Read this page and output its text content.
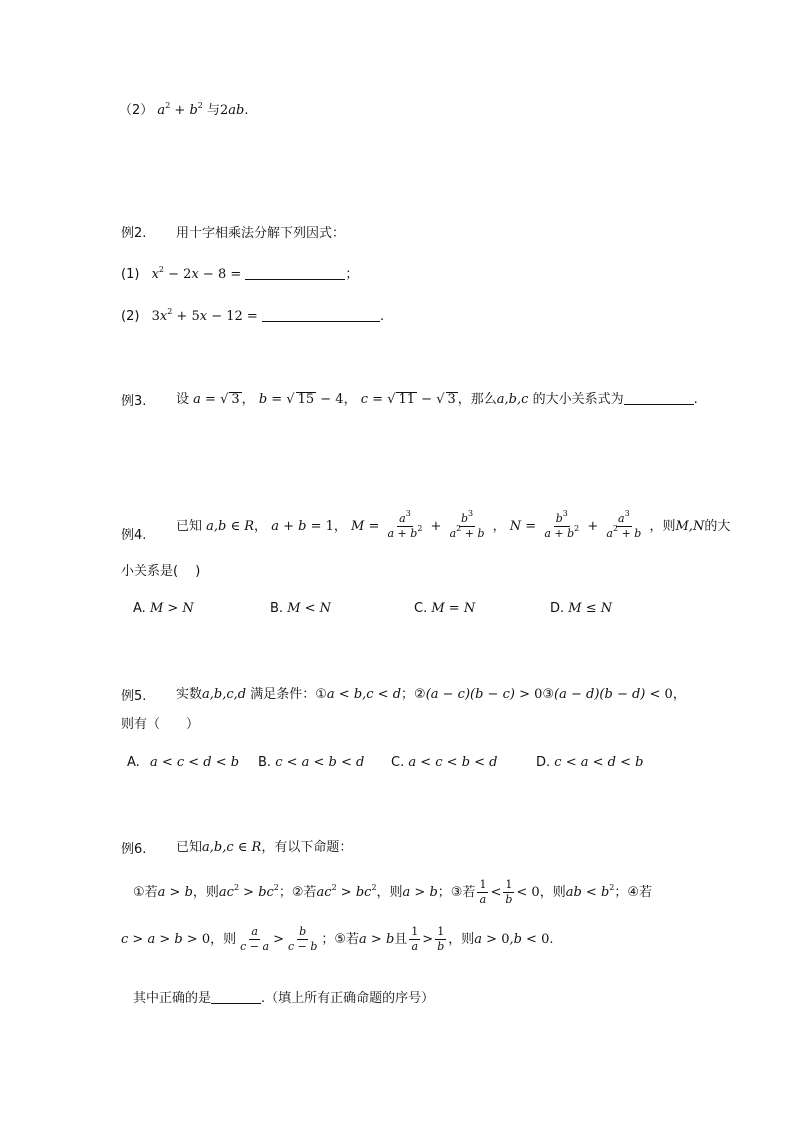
（2） $a^2 + b^2$ 与2ab.
例2. 用十字相乘法分解下列因式：
(1) $x^2 - 2x - 8$ =	；
(2) $3x^2 + 5x - 12$ =	.
例3. 设 a = √ 3 ， b = √ 15 − 4， c = √ 11 − √ 3 ，那么a,b,c 的大小关系式为	.
例4.
已知 a,b ∈ R， a + b = 1， $M = \frac{a^3}{a + b^2} + \frac{b^3}{a^2 + b}$ ， $N = \frac{b^3}{a + b^2} + \frac{a^3}{a^2 + b}$ ，则M,N的大
小关系是(　 )
A. M > N	B. M < N	C. M = N	D. M ≤ N
例5. 实数a,b,c,d 满足条件：①a < b,c < d；②(a − c)(b − c) > 0③(a − d)(b − d) < 0，
则有（　　）
A. a < c < d < b B. c < a < b < d C. a < c < b < d	D. c < a < d < b
例6. 已知a,b,c ∈ R，有以下命题：
①若a > b，则$ac^2 > bc^2$；②若$ac^2 > bc^2$，则a > b；③若 $\frac{1}{a} < \frac{1}{b} < 0$，则ab < $b^2$；④若
c > a > b > 0，则 $\frac{a}{c - a} > \frac{b}{c - b}$ ；⑤若a > b且 $\frac{1}{a} > \frac{1}{b}$ ，则a > 0,b < 0.
其中正确的是	.（填上所有正确命题的序号）
